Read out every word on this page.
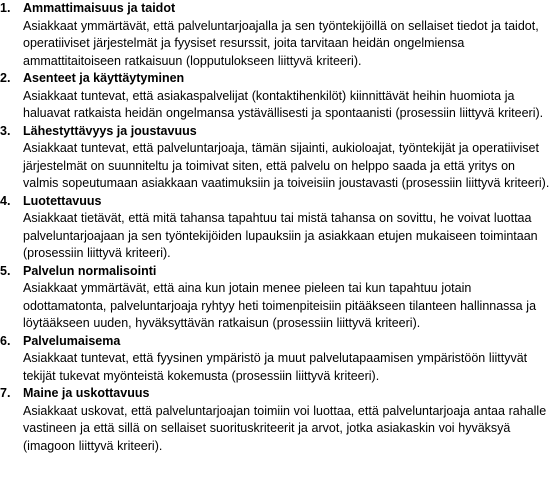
1. Ammattimaisuus ja taidot
Asiakkaat ymmärtävät, että palveluntarjoajalla ja sen työntekijöillä on sellaiset tiedot ja taidot, operatiiviset järjestelmät ja fyysiset resurssit, joita tarvitaan heidän ongelmiensa ammattitaitoiseen ratkaisuun (lopputulokseen liittyvä kriteeri).
2. Asenteet ja käyttäytyminen
Asiakkaat tuntevat, että asiakaspalvelijat (kontaktihenkilöt) kiinnittävät heihin huomiota ja haluavat ratkaista heidän ongelmansa ystävällisesti ja spontaanisti (prosessiin liittyvä kriteeri).
3. Lähestyttävyys ja joustavuus
Asiakkaat tuntevat, että palveluntarjoaja, tämän sijainti, aukioloajat, työntekijät ja operatiiviset järjestelmät on suunniteltu ja toimivat siten, että palvelu on helppo saada ja että yritys on valmis sopeutumaan asiakkaan vaatimuksiin ja toiveisiin joustavasti (prosessiin liittyvä kriteeri).
4. Luotettavuus
Asiakkaat tietävät, että mitä tahansa tapahtuu tai mistä tahansa on sovittu, he voivat luottaa palveluntarjoajaan ja sen työntekijöiden lupauksiin ja asiakkaan etujen mukaiseen toimintaan (prosessiin liittyvä kriteeri).
5. Palvelun normalisointi
Asiakkaat ymmärtävät, että aina kun jotain menee pieleen tai kun tapahtuu jotain odottamatonta, palveluntarjoaja ryhtyy heti toimenpiteisiin pitääkseen tilanteen hallinnassa ja löytääkseen uuden, hyväksyttävän ratkaisun (prosessiin liittyvä kriteeri).
6. Palvelumaisema
Asiakkaat tuntevat, että fyysinen ympäristö ja muut palvelutapaamisen ympäristöön liittyvät tekijät tukevat myönteistä kokemusta (prosessiin liittyvä kriteeri).
7. Maine ja uskottavuus
Asiakkaat uskovat, että palveluntarjoajan toimiin voi luottaa, että palveluntarjoaja antaa rahalle vastineen ja että sillä on sellaiset suorituskriteerit ja arvot, jotka asiakaskin voi hyväksyä (imagoon liittyvä kriteeri).
